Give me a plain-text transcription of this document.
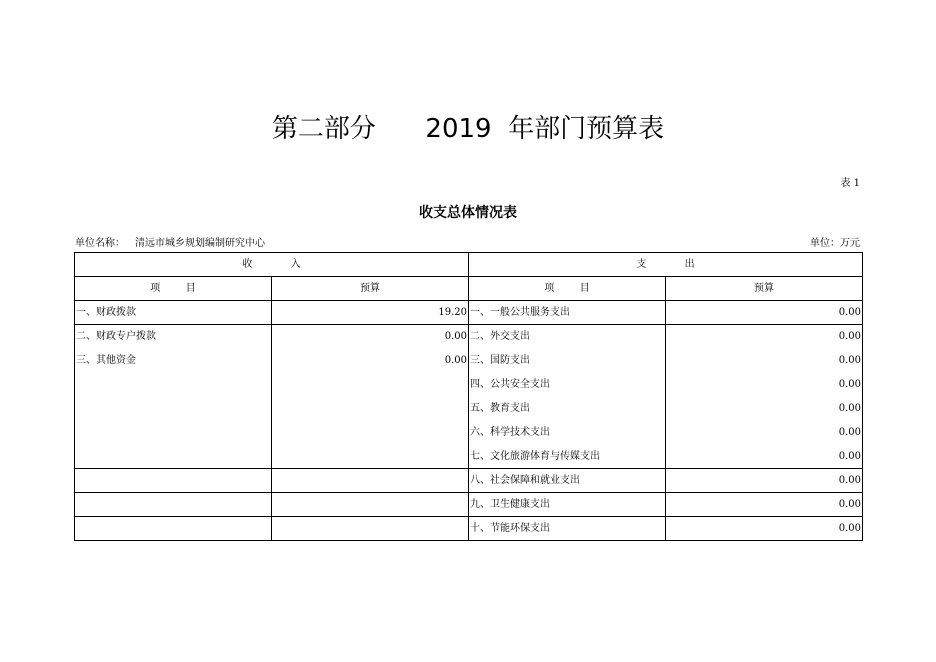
第二部分      2019  年部门预算表
表 1
收支总体情况表
单位名称： 清远市城乡规划编制研究中心	单位：万元
收            入		支            出	
项        目	预算	项        目	预算
一、财政拨款	19.20	一、一般公共服务支出	0.00
二、财政专户拨款	0.00	二、外交支出	0.00
三、其他资金	0.00	三、国防支出	0.00
		四、公共安全支出	0.00
		五、教育支出	0.00
		六、科学技术支出	0.00
		七、文化旅游体育与传媒支出	0.00
		八、社会保障和就业支出	0.00
		九、卫生健康支出	0.00
		十、节能环保支出	0.00
